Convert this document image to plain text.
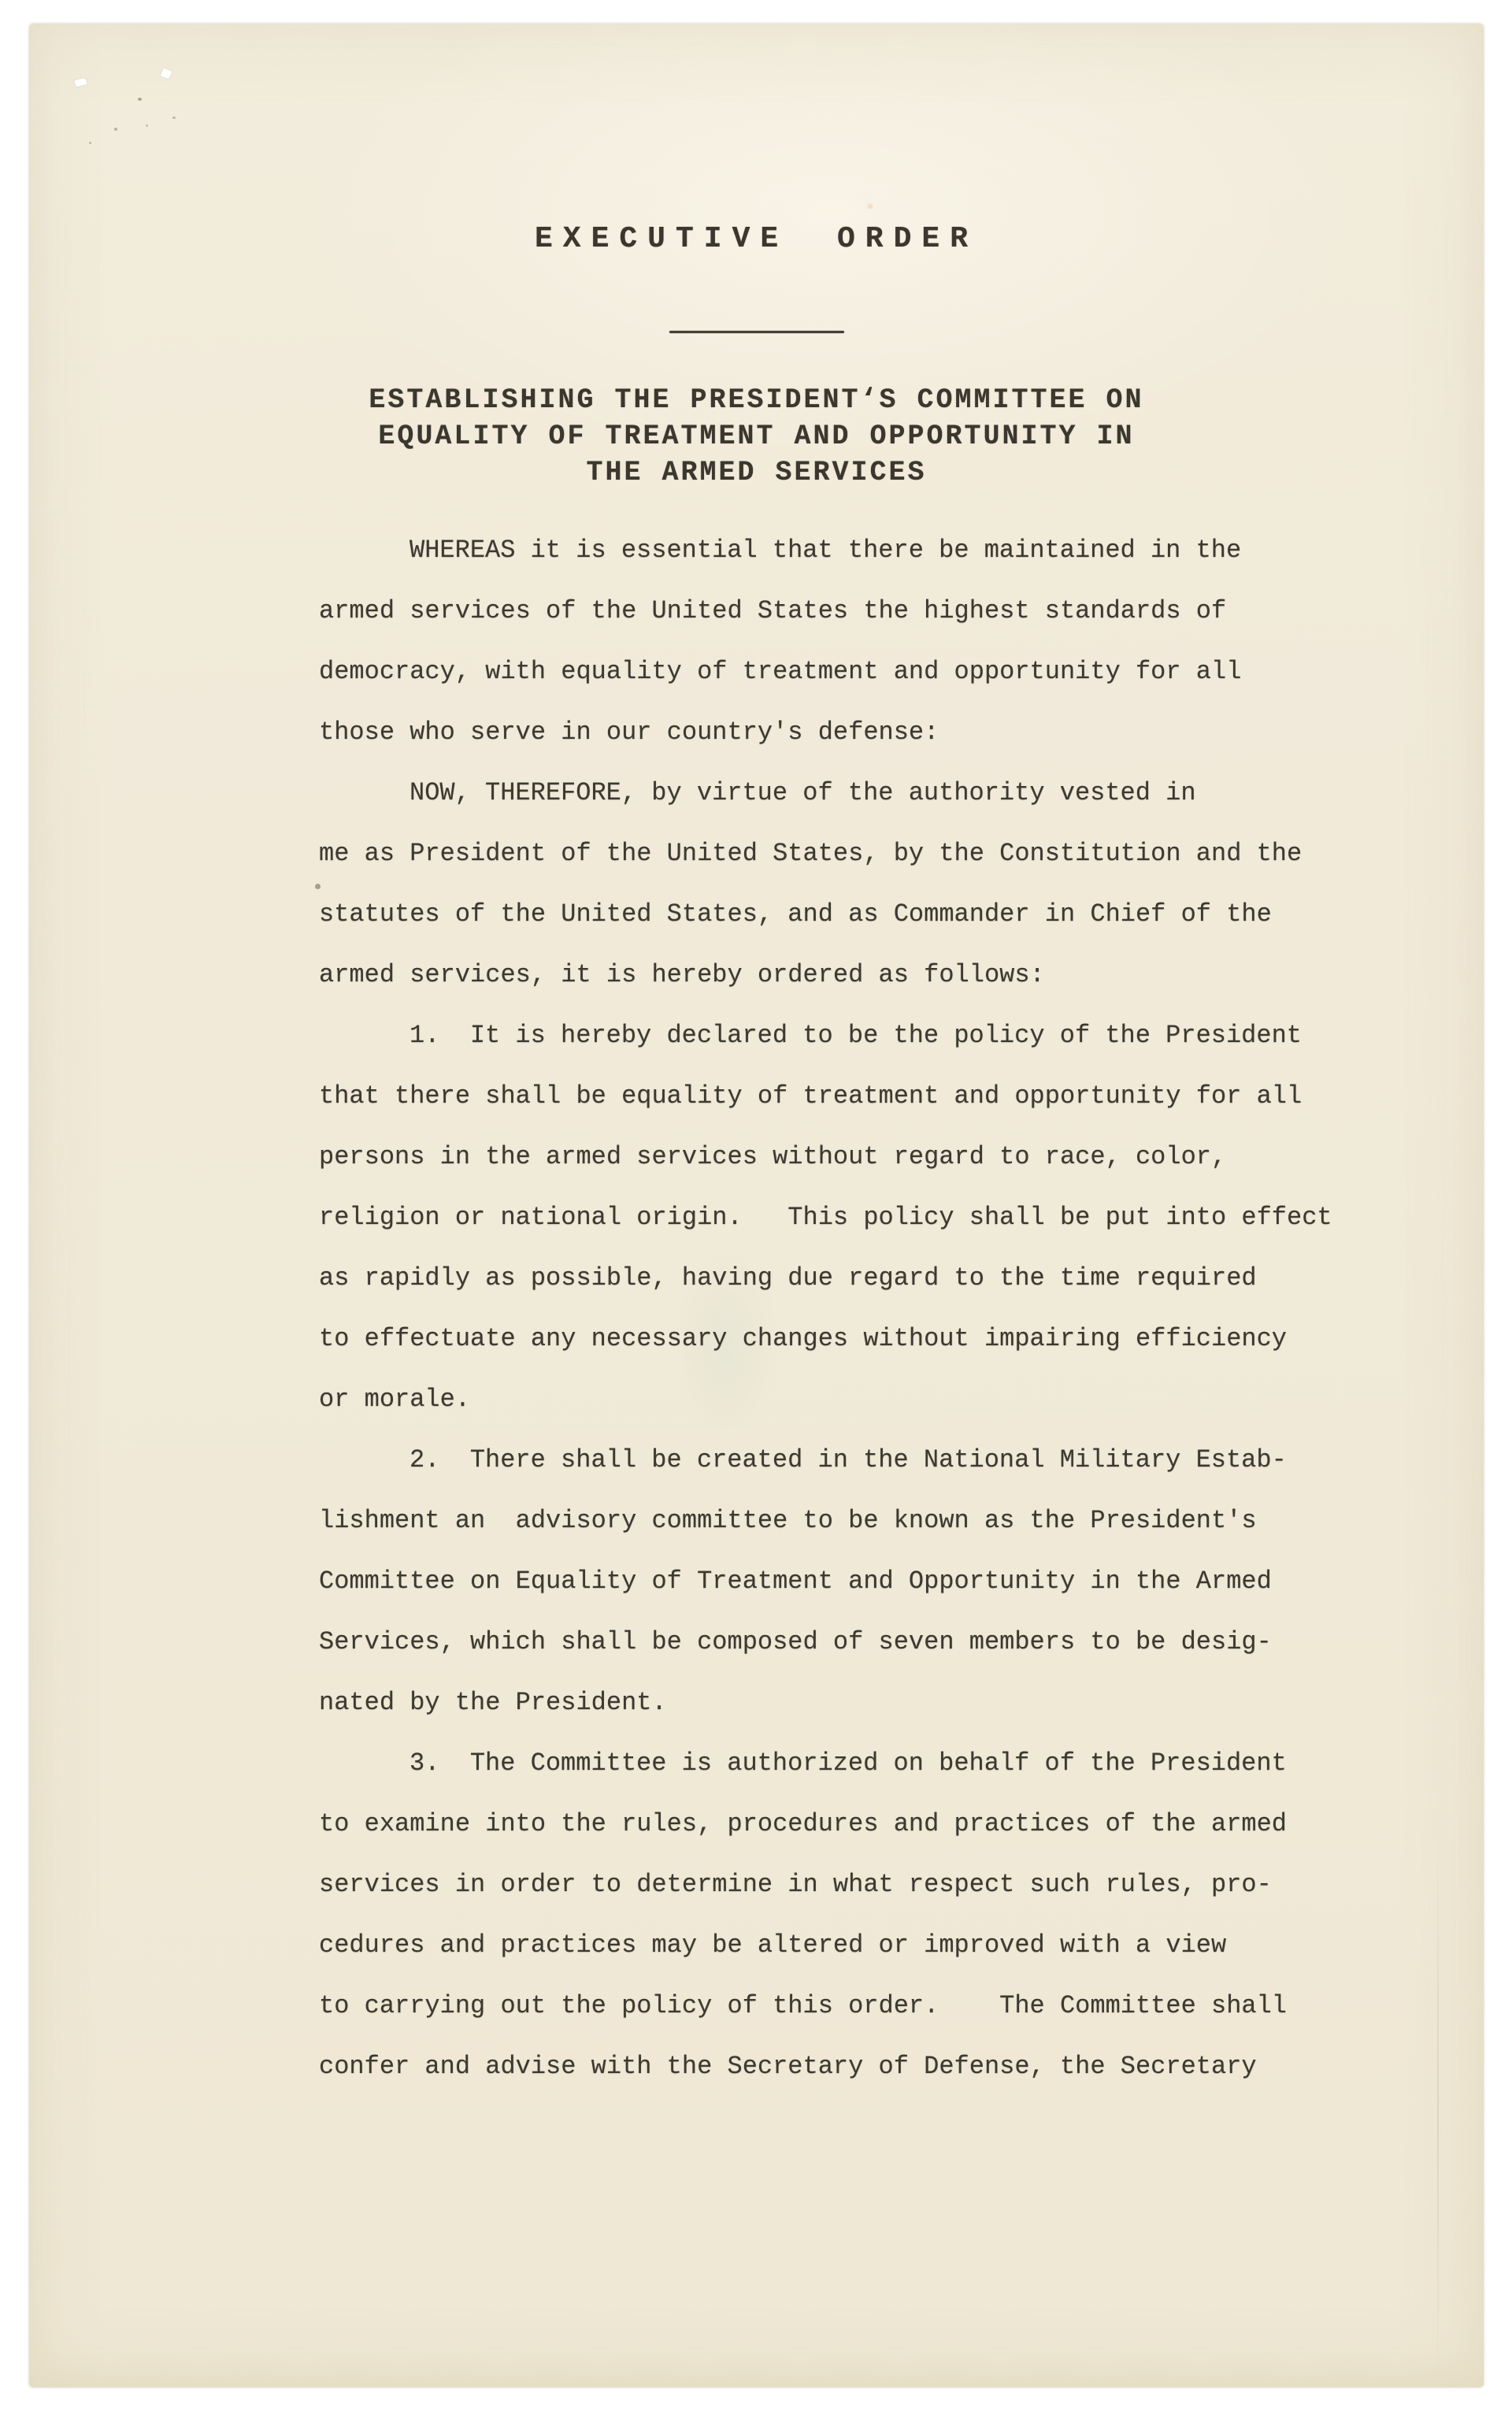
EXECUTIVE ORDER
ESTABLISHING THE PRESIDENT‘S COMMITTEE ON
EQUALITY OF TREATMENT AND OPPORTUNITY IN
THE ARMED SERVICES
WHEREAS it is essential that there be maintained in the
armed services of the United States the highest standards of
democracy, with equality of treatment and opportunity for all
those who serve in our country's defense:
NOW, THEREFORE, by virtue of the authority vested in
me as President of the United States, by the Constitution and the
statutes of the United States, and as Commander in Chief of the
armed services, it is hereby ordered as follows:
1.  It is hereby declared to be the policy of the President
that there shall be equality of treatment and opportunity for all
persons in the armed services without regard to race, color,
religion or national origin.   This policy shall be put into effect
as rapidly as possible, having due regard to the time required
to effectuate any necessary changes without impairing efficiency
or morale.
2.  There shall be created in the National Military Estab-
lishment an  advisory committee to be known as the President's
Committee on Equality of Treatment and Opportunity in the Armed
Services, which shall be composed of seven members to be desig-
nated by the President.
3.  The Committee is authorized on behalf of the President
to examine into the rules, procedures and practices of the armed
services in order to determine in what respect such rules, pro-
cedures and practices may be altered or improved with a view
to carrying out the policy of this order.    The Committee shall
confer and advise with the Secretary of Defense, the Secretary
